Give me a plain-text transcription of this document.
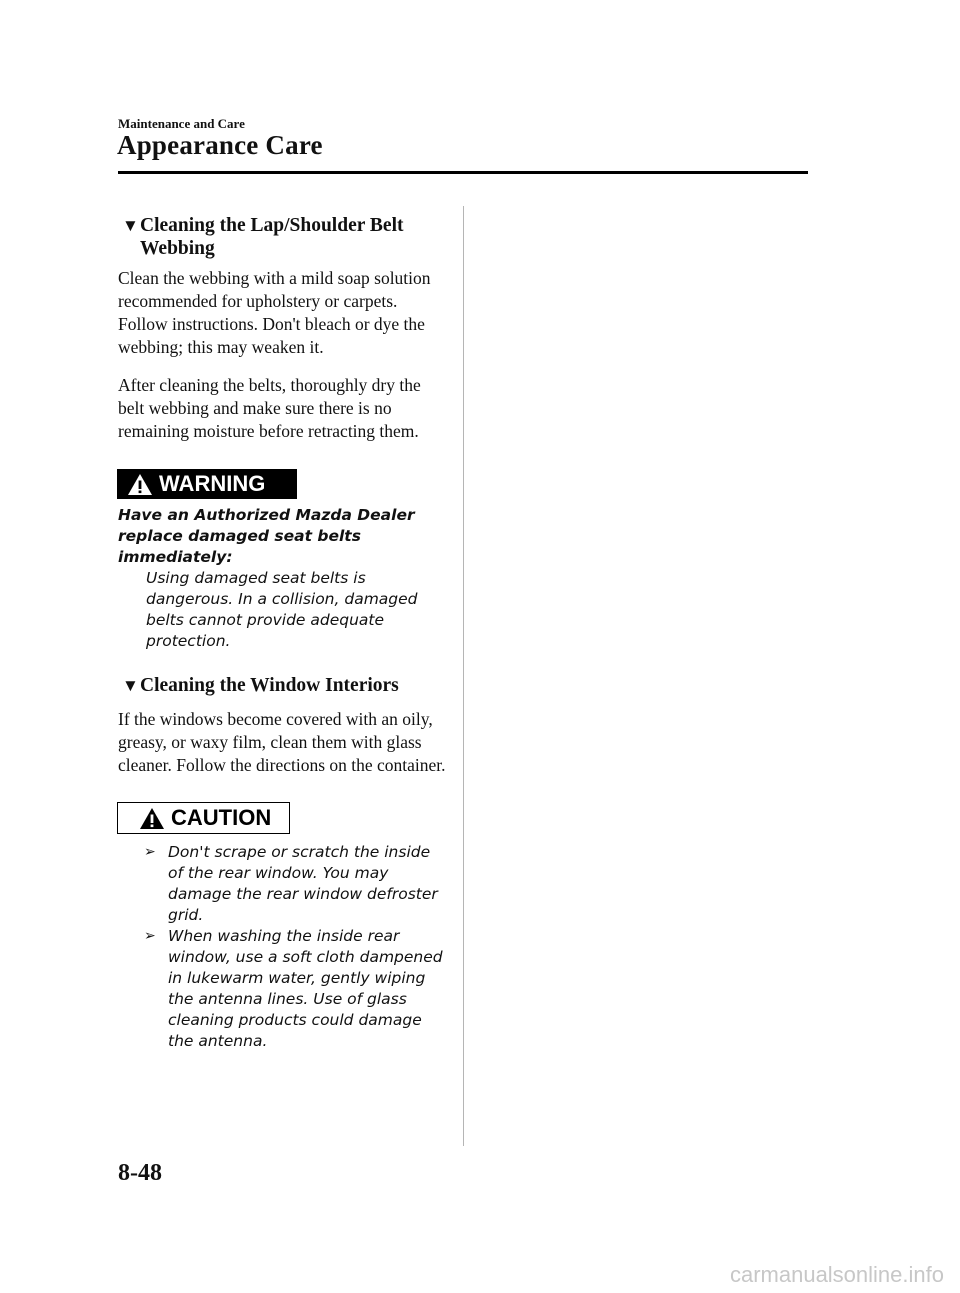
Maintenance and Care
Appearance Care
▼Cleaning the Lap/Shoulder Belt
Webbing
Clean the webbing with a mild soap solution recommended for upholstery or carpets. Follow instructions. Don't bleach or dye the webbing; this may weaken it.
After cleaning the belts, thoroughly dry the belt webbing and make sure there is no remaining moisture before retracting them.
WARNING
Have an Authorized Mazda Dealer replace damaged seat belts immediately:
Using damaged seat belts is dangerous. In a collision, damaged belts cannot provide adequate protection.
▼Cleaning the Window Interiors
If the windows become covered with an oily, greasy, or waxy film, clean them with glass cleaner. Follow the directions on the container.
CAUTION
➢ Don't scrape or scratch the inside of the rear window. You may damage the rear window defroster grid.
➢ When washing the inside rear window, use a soft cloth dampened in lukewarm water, gently wiping the antenna lines. Use of glass cleaning products could damage the antenna.
8-48
carmanualsonline.info
